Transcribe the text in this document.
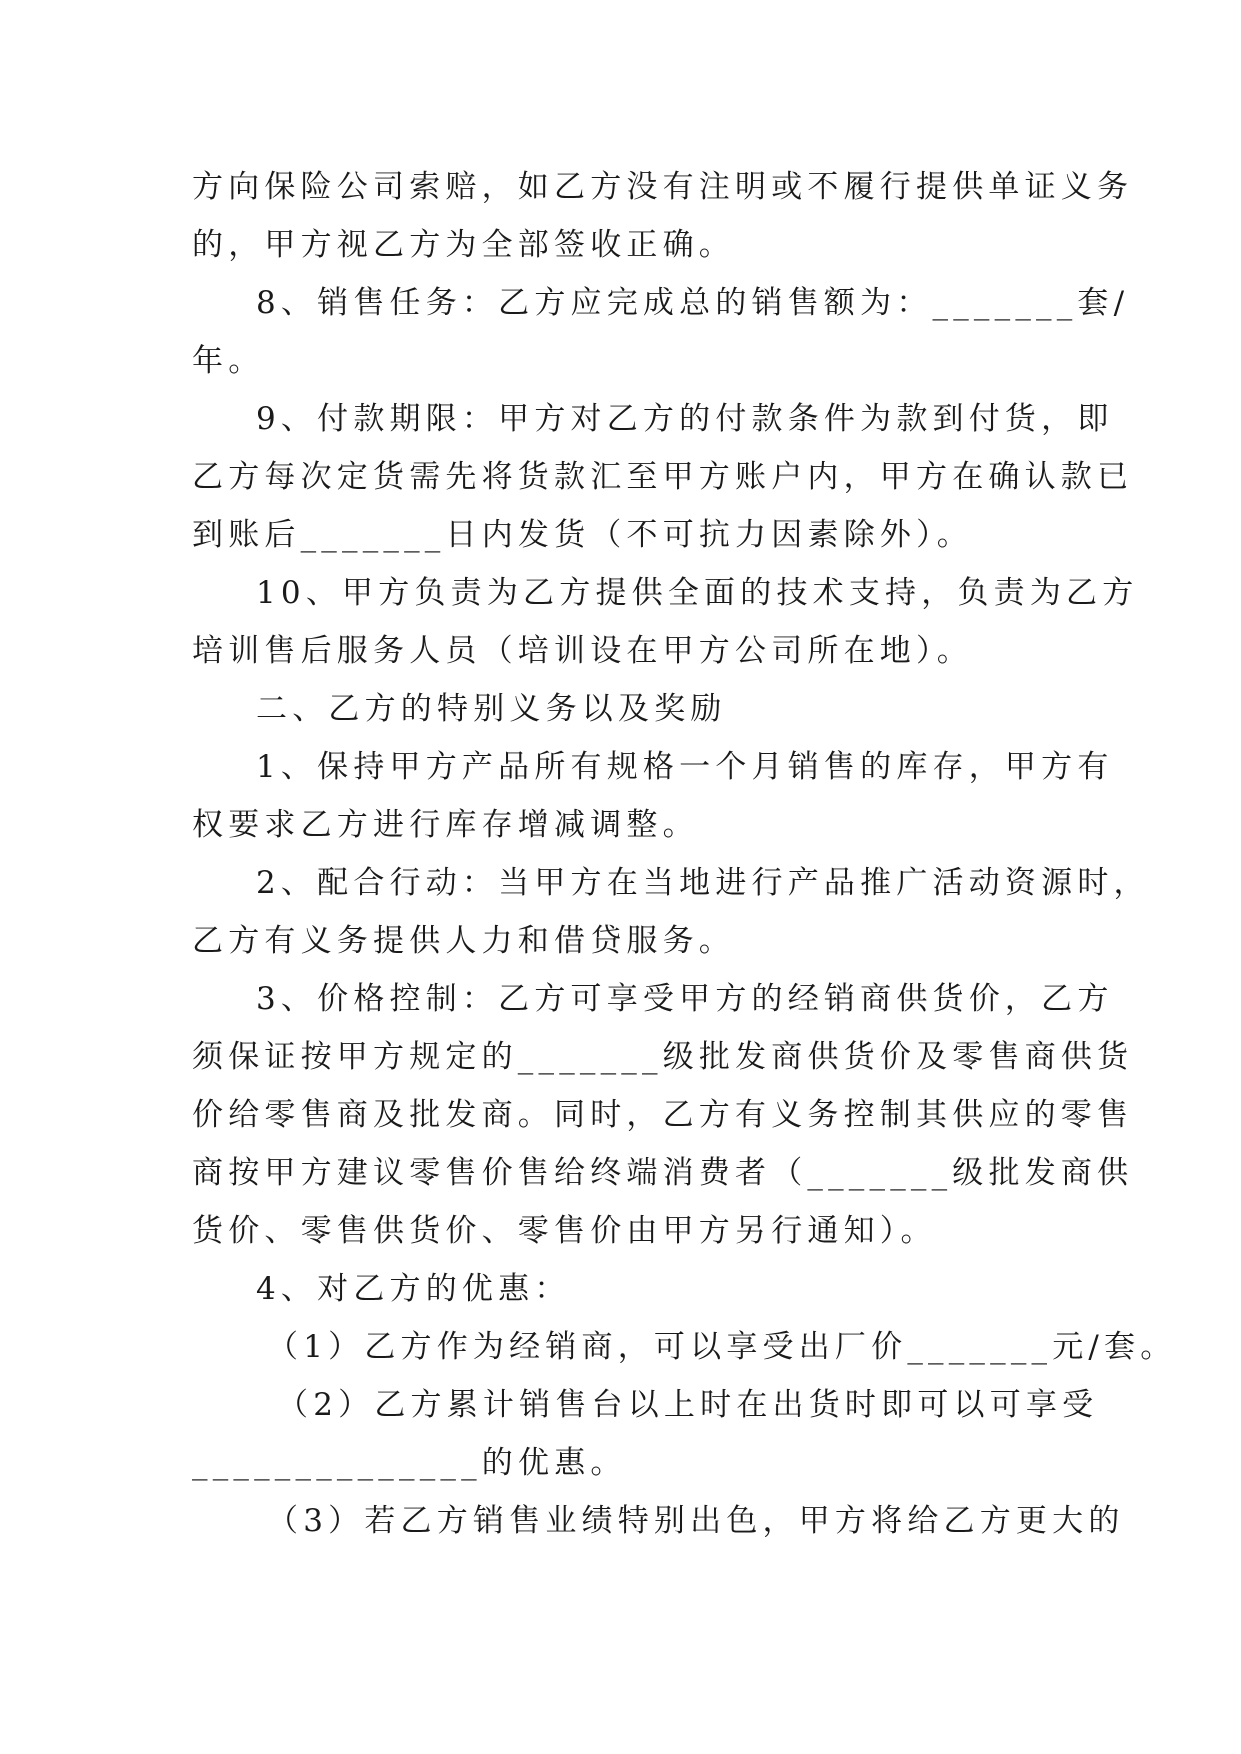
方向保险公司索赔，如乙方没有注明或不履行提供单证义务
的，甲方视乙方为全部签收正确。
8、销售任务：乙方应完成总的销售额为：_______套/
年。
9、付款期限：甲方对乙方的付款条件为款到付货，即
乙方每次定货需先将货款汇至甲方账户内，甲方在确认款已
到账后_______日内发货（不可抗力因素除外）。
10、甲方负责为乙方提供全面的技术支持，负责为乙方
培训售后服务人员（培训设在甲方公司所在地）。
二、乙方的特别义务以及奖励
1、保持甲方产品所有规格一个月销售的库存，甲方有
权要求乙方进行库存增减调整。
2、配合行动：当甲方在当地进行产品推广活动资源时，
乙方有义务提供人力和借贷服务。
3、价格控制：乙方可享受甲方的经销商供货价，乙方
须保证按甲方规定的_______级批发商供货价及零售商供货
价给零售商及批发商。同时，乙方有义务控制其供应的零售
商按甲方建议零售价售给终端消费者（_______级批发商供
货价、零售供货价、零售价由甲方另行通知）。
4、对乙方的优惠：
（1）乙方作为经销商，可以享受出厂价_______元/套。
（2）乙方累计销售台以上时在出货时即可以可享受
______________的优惠。
（3）若乙方销售业绩特别出色，甲方将给乙方更大的
